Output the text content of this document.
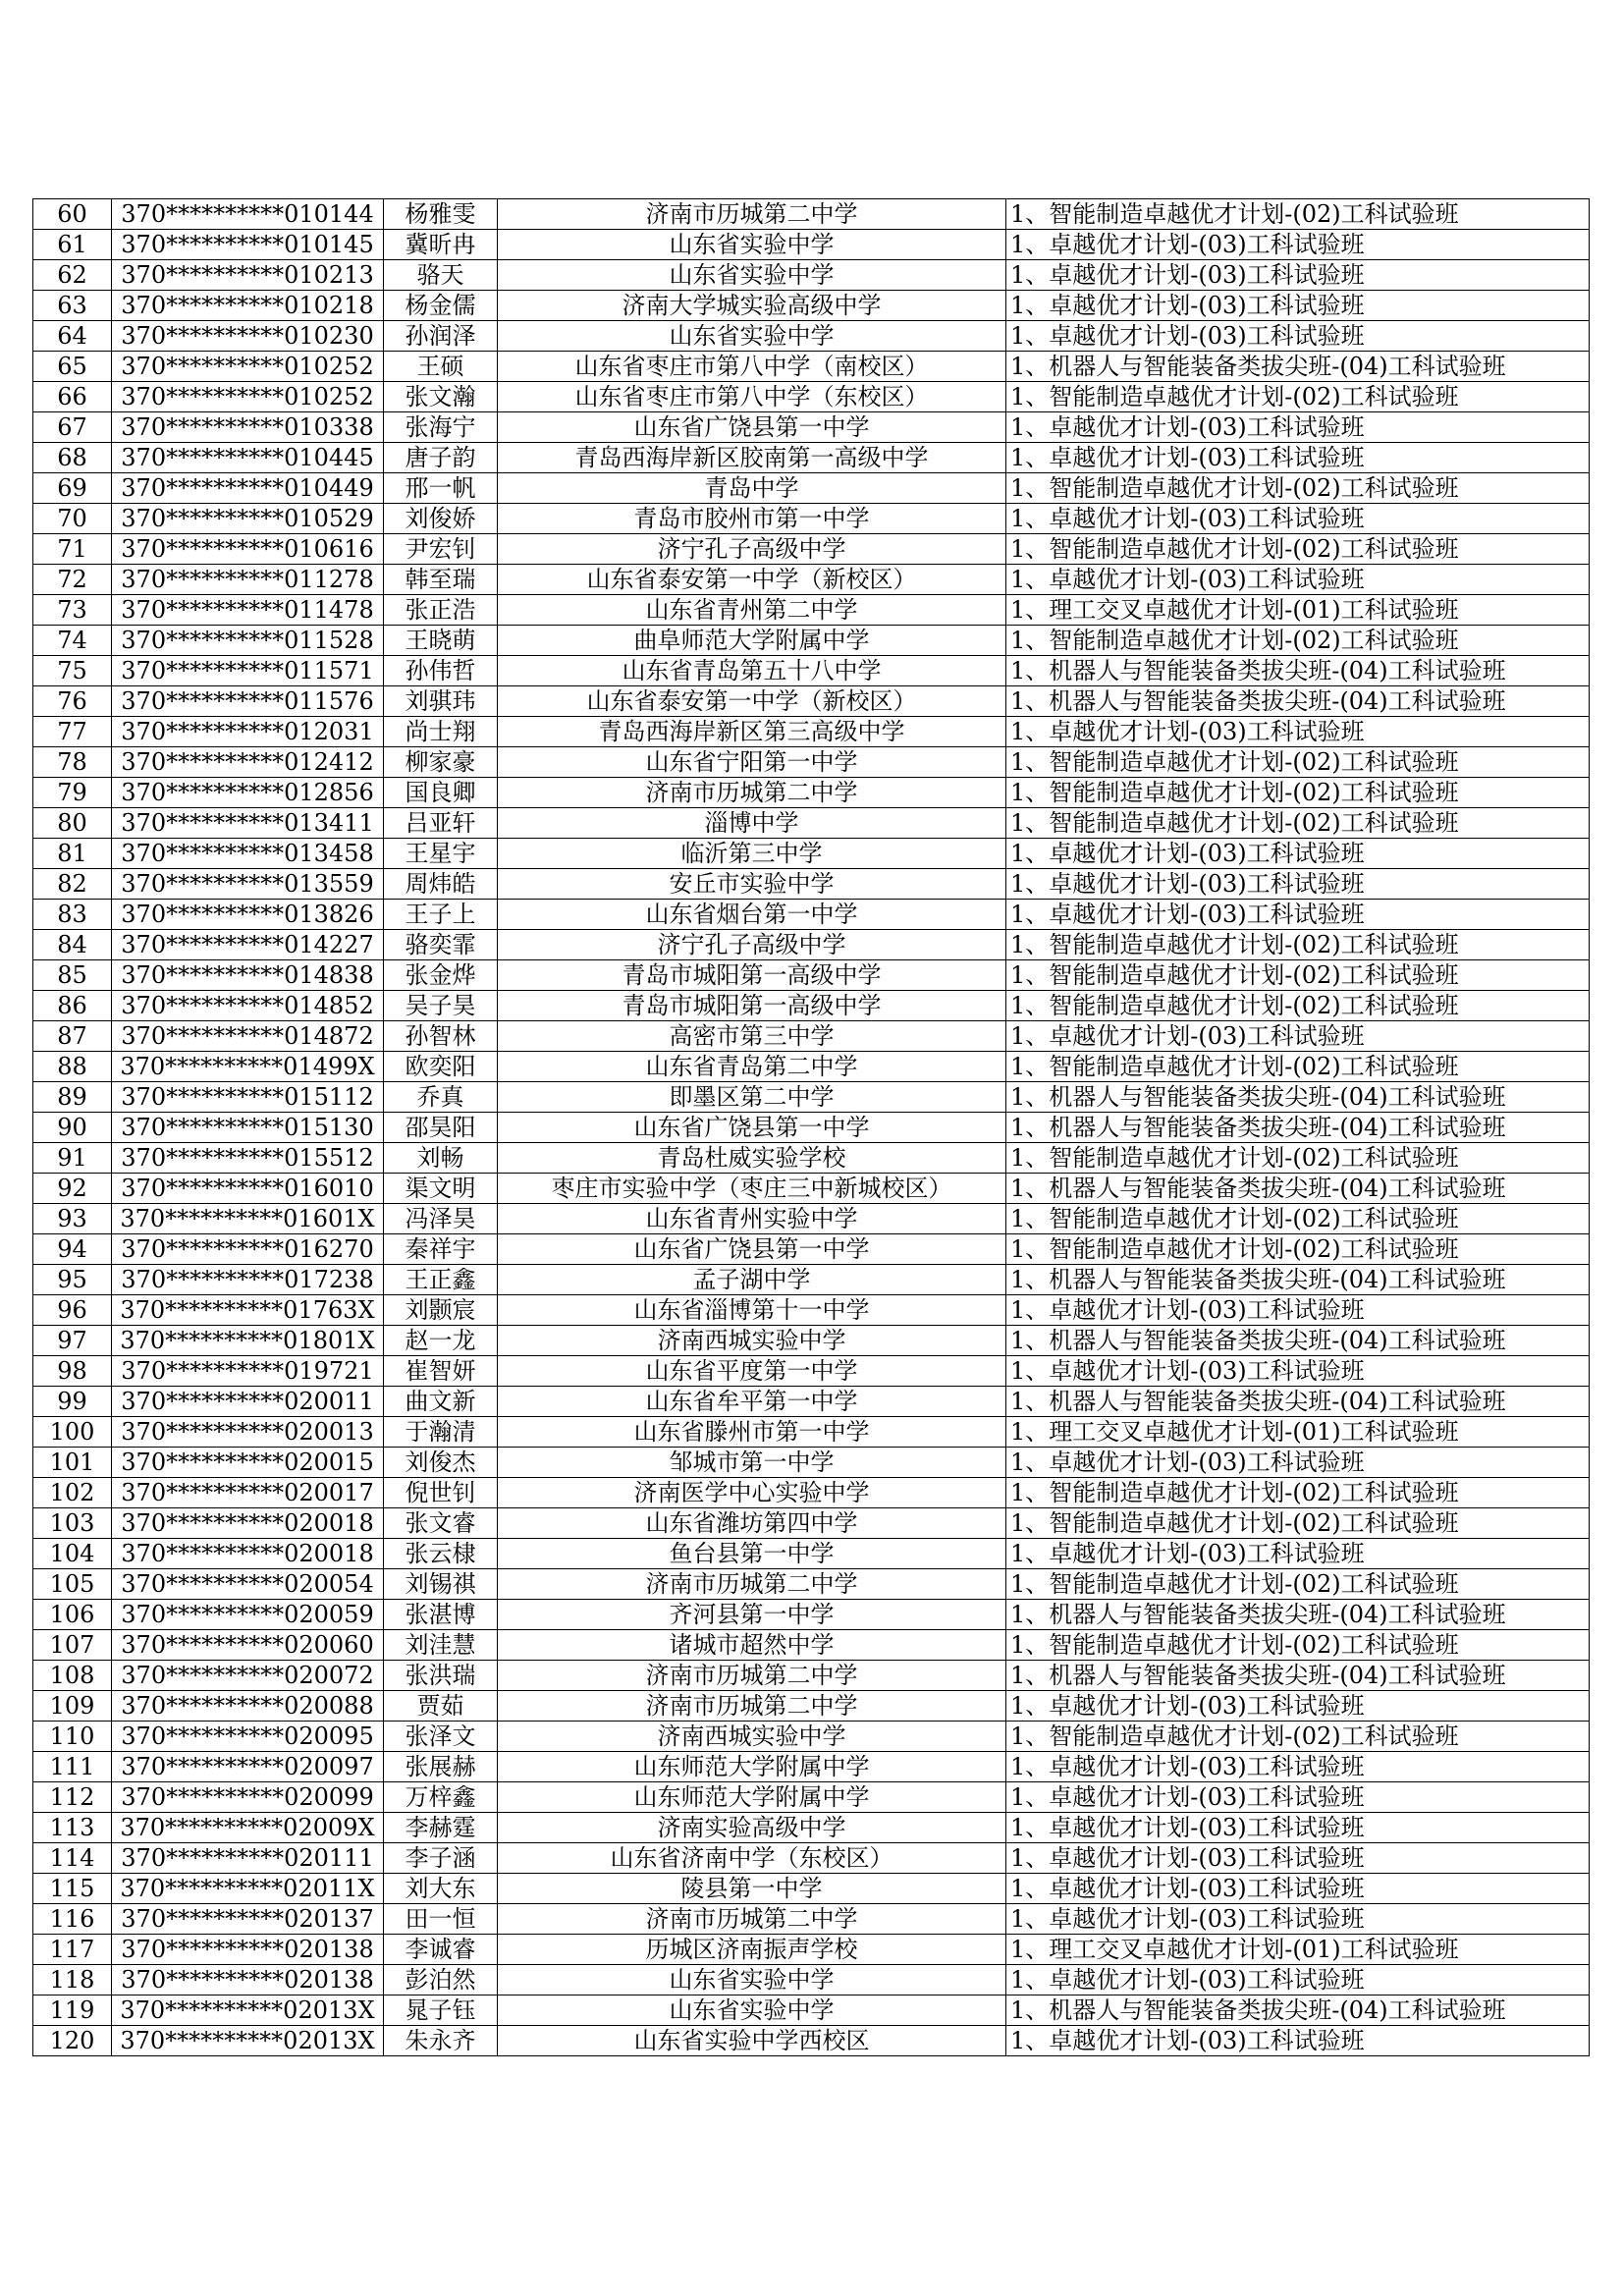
60	370**********010144	杨雅雯	济南市历城第二中学	1、智能制造卓越优才计划-(02)工科试验班
61	370**********010145	冀昕冉	山东省实验中学	1、卓越优才计划-(03)工科试验班
62	370**********010213	骆天	山东省实验中学	1、卓越优才计划-(03)工科试验班
63	370**********010218	杨金儒	济南大学城实验高级中学	1、卓越优才计划-(03)工科试验班
64	370**********010230	孙润泽	山东省实验中学	1、卓越优才计划-(03)工科试验班
65	370**********010252	王硕	山东省枣庄市第八中学（南校区）	1、机器人与智能装备类拔尖班-(04)工科试验班
66	370**********010252	张文瀚	山东省枣庄市第八中学（东校区）	1、智能制造卓越优才计划-(02)工科试验班
67	370**********010338	张海宁	山东省广饶县第一中学	1、卓越优才计划-(03)工科试验班
68	370**********010445	唐子韵	青岛西海岸新区胶南第一高级中学	1、卓越优才计划-(03)工科试验班
69	370**********010449	邢一帆	青岛中学	1、智能制造卓越优才计划-(02)工科试验班
70	370**********010529	刘俊娇	青岛市胶州市第一中学	1、卓越优才计划-(03)工科试验班
71	370**********010616	尹宏钊	济宁孔子高级中学	1、智能制造卓越优才计划-(02)工科试验班
72	370**********011278	韩至瑞	山东省泰安第一中学（新校区）	1、卓越优才计划-(03)工科试验班
73	370**********011478	张正浩	山东省青州第二中学	1、理工交叉卓越优才计划-(01)工科试验班
74	370**********011528	王晓萌	曲阜师范大学附属中学	1、智能制造卓越优才计划-(02)工科试验班
75	370**********011571	孙伟哲	山东省青岛第五十八中学	1、机器人与智能装备类拔尖班-(04)工科试验班
76	370**********011576	刘骐玮	山东省泰安第一中学（新校区）	1、机器人与智能装备类拔尖班-(04)工科试验班
77	370**********012031	尚士翔	青岛西海岸新区第三高级中学	1、卓越优才计划-(03)工科试验班
78	370**********012412	柳家豪	山东省宁阳第一中学	1、智能制造卓越优才计划-(02)工科试验班
79	370**********012856	国良卿	济南市历城第二中学	1、智能制造卓越优才计划-(02)工科试验班
80	370**********013411	吕亚轩	淄博中学	1、智能制造卓越优才计划-(02)工科试验班
81	370**********013458	王星宇	临沂第三中学	1、卓越优才计划-(03)工科试验班
82	370**********013559	周炜皓	安丘市实验中学	1、卓越优才计划-(03)工科试验班
83	370**********013826	王子上	山东省烟台第一中学	1、卓越优才计划-(03)工科试验班
84	370**********014227	骆奕霏	济宁孔子高级中学	1、智能制造卓越优才计划-(02)工科试验班
85	370**********014838	张金烨	青岛市城阳第一高级中学	1、智能制造卓越优才计划-(02)工科试验班
86	370**********014852	吴子昊	青岛市城阳第一高级中学	1、智能制造卓越优才计划-(02)工科试验班
87	370**********014872	孙智林	高密市第三中学	1、卓越优才计划-(03)工科试验班
88	370**********01499X	欧奕阳	山东省青岛第二中学	1、智能制造卓越优才计划-(02)工科试验班
89	370**********015112	乔真	即墨区第二中学	1、机器人与智能装备类拔尖班-(04)工科试验班
90	370**********015130	邵昊阳	山东省广饶县第一中学	1、机器人与智能装备类拔尖班-(04)工科试验班
91	370**********015512	刘畅	青岛杜威实验学校	1、智能制造卓越优才计划-(02)工科试验班
92	370**********016010	渠文明	枣庄市实验中学（枣庄三中新城校区）	1、机器人与智能装备类拔尖班-(04)工科试验班
93	370**********01601X	冯泽昊	山东省青州实验中学	1、智能制造卓越优才计划-(02)工科试验班
94	370**********016270	秦祥宇	山东省广饶县第一中学	1、智能制造卓越优才计划-(02)工科试验班
95	370**********017238	王正鑫	孟子湖中学	1、机器人与智能装备类拔尖班-(04)工科试验班
96	370**********01763X	刘颢宸	山东省淄博第十一中学	1、卓越优才计划-(03)工科试验班
97	370**********01801X	赵一龙	济南西城实验中学	1、机器人与智能装备类拔尖班-(04)工科试验班
98	370**********019721	崔智妍	山东省平度第一中学	1、卓越优才计划-(03)工科试验班
99	370**********020011	曲文新	山东省牟平第一中学	1、机器人与智能装备类拔尖班-(04)工科试验班
100	370**********020013	于瀚清	山东省滕州市第一中学	1、理工交叉卓越优才计划-(01)工科试验班
101	370**********020015	刘俊杰	邹城市第一中学	1、卓越优才计划-(03)工科试验班
102	370**********020017	倪世钊	济南医学中心实验中学	1、智能制造卓越优才计划-(02)工科试验班
103	370**********020018	张文睿	山东省潍坊第四中学	1、智能制造卓越优才计划-(02)工科试验班
104	370**********020018	张云棣	鱼台县第一中学	1、卓越优才计划-(03)工科试验班
105	370**********020054	刘锡祺	济南市历城第二中学	1、智能制造卓越优才计划-(02)工科试验班
106	370**********020059	张湛博	齐河县第一中学	1、机器人与智能装备类拔尖班-(04)工科试验班
107	370**********020060	刘洼慧	诸城市超然中学	1、智能制造卓越优才计划-(02)工科试验班
108	370**********020072	张洪瑞	济南市历城第二中学	1、机器人与智能装备类拔尖班-(04)工科试验班
109	370**********020088	贾茹	济南市历城第二中学	1、卓越优才计划-(03)工科试验班
110	370**********020095	张泽文	济南西城实验中学	1、智能制造卓越优才计划-(02)工科试验班
111	370**********020097	张展赫	山东师范大学附属中学	1、卓越优才计划-(03)工科试验班
112	370**********020099	万梓鑫	山东师范大学附属中学	1、卓越优才计划-(03)工科试验班
113	370**********02009X	李赫霆	济南实验高级中学	1、卓越优才计划-(03)工科试验班
114	370**********020111	李子涵	山东省济南中学（东校区）	1、卓越优才计划-(03)工科试验班
115	370**********02011X	刘大东	陵县第一中学	1、卓越优才计划-(03)工科试验班
116	370**********020137	田一恒	济南市历城第二中学	1、卓越优才计划-(03)工科试验班
117	370**********020138	李诚睿	历城区济南振声学校	1、理工交叉卓越优才计划-(01)工科试验班
118	370**********020138	彭泊然	山东省实验中学	1、卓越优才计划-(03)工科试验班
119	370**********02013X	晁子钰	山东省实验中学	1、机器人与智能装备类拔尖班-(04)工科试验班
120	370**********02013X	朱永齐	山东省实验中学西校区	1、卓越优才计划-(03)工科试验班
